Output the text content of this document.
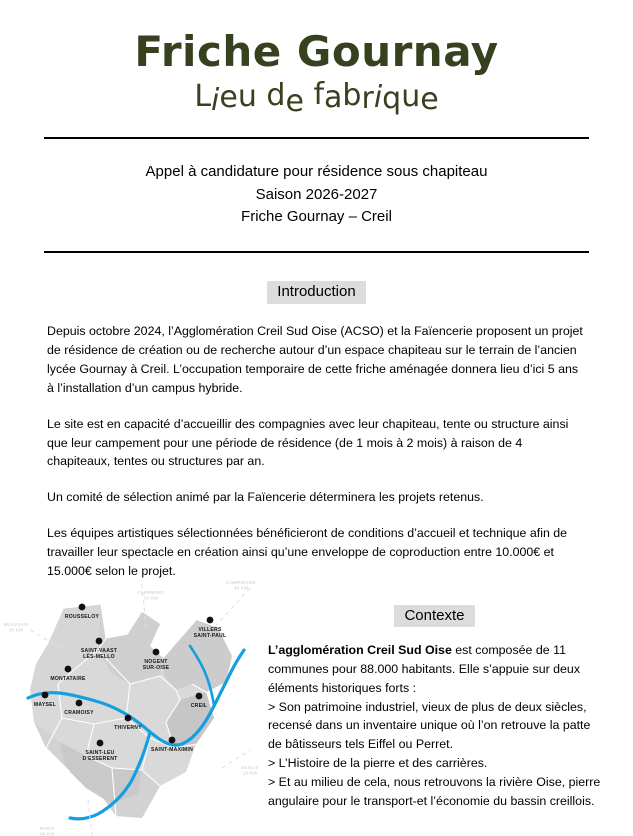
Friche Gournay
Lieu de fabrique
Appel à candidature pour résidence sous chapiteau
Saison 2026-2027
Friche Gournay – Creil
Introduction

Depuis octobre 2024, l’Agglomération Creil Sud Oise (ACSO) et la Faïencerie proposent un projet de résidence de création ou de recherche autour d’un espace chapiteau sur le terrain de l’ancien lycée Gournay à Creil. L’occupation temporaire de cette friche aménagée donnera lieu d’ici 5 ans à l’installation d’un campus hybride.

Le site est en capacité d’accueillir des compagnies avec leur chapiteau, tente ou structure ainsi que leur campement pour une période de résidence (de 1 mois à 2 mois) à raison de 4 chapiteaux, tentes ou structures par an.

Un comité de sélection animé par la Faïencerie déterminera les projets retenus.

Les équipes artistiques sélectionnées bénéficieront de conditions d’accueil et technique afin de travailler leur spectacle en création ainsi qu’une enveloppe de coproduction entre 10.000€ et 15.000€ selon le projet.

ROUSSELOY
SAINT-VAAST
LÈS-MELLO
MONTATAIRE
NOGENT
SUR-OISE
VILLERS
SAINT-PAUL
CREIL
MAYSEL
CRAMOISY
THIVERNY
SAINT-LEU
D’ESSERENT
SAINT-MAXIMIN
BEAUVAIS
30 KM
CLERMONT
10 KM
COMPIÈGNE
30 KM
SENLIS
10 KM
PARIS
45 KM
Contexte

L’agglomération Creil Sud Oise est composée de 11 communes pour 88.000 habitants. Elle s’appuie sur deux éléments historiques forts :

> Son patrimoine industriel, vieux de plus de deux siècles, recensé dans un inventaire unique où l’on retrouve la patte de bâtisseurs tels Eiffel ou Perret.

> L’Histoire de la pierre et des carrières.

> Et au milieu de cela, nous retrouvons la rivière Oise, pierre angulaire pour le transport-et l’économie du bassin creillois.
